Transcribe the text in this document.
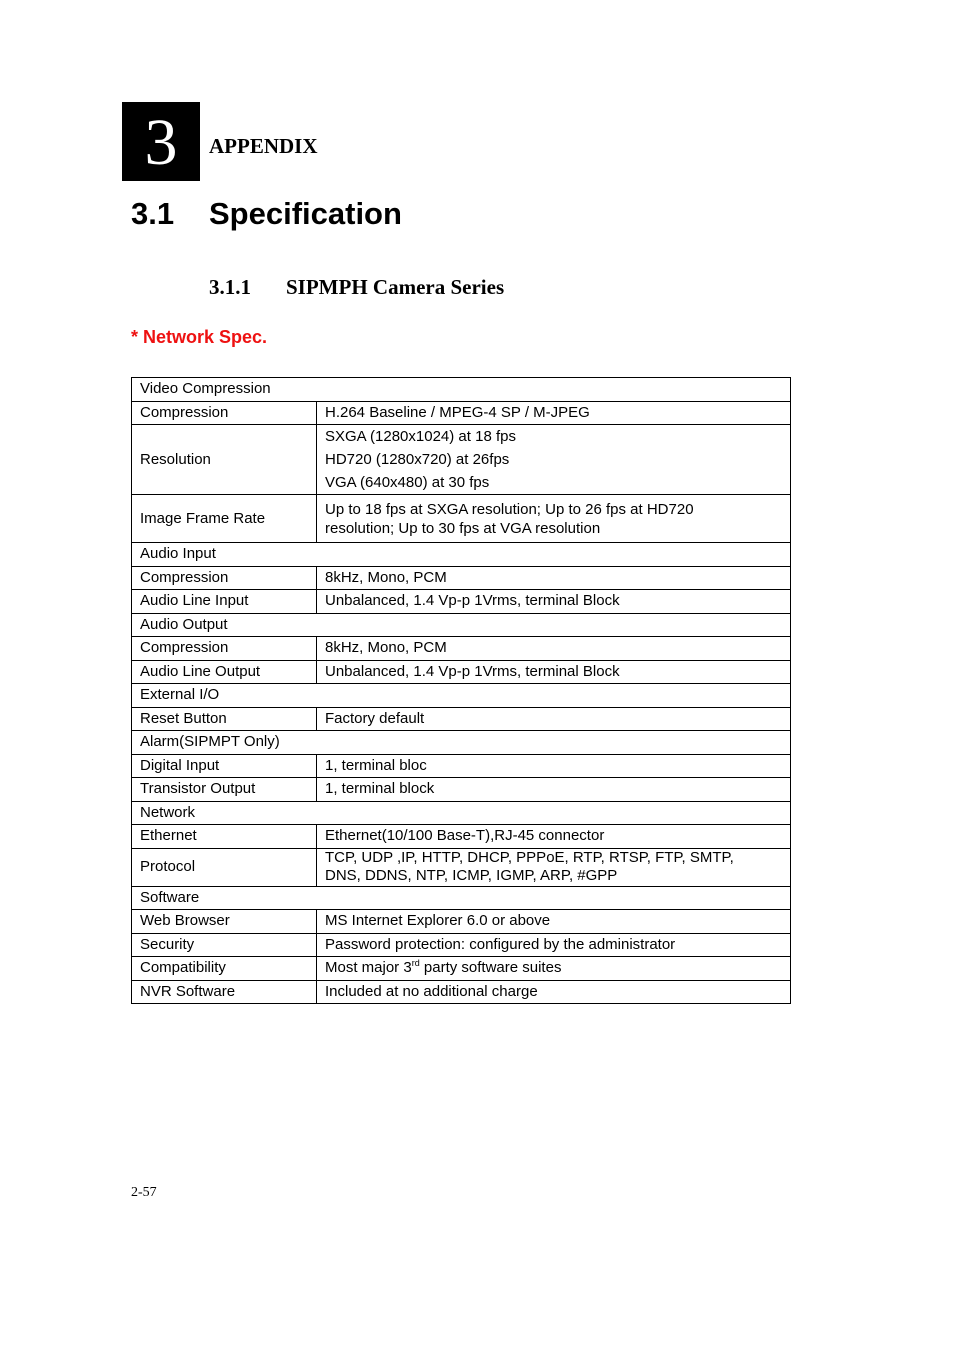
3 APPENDIX
3.1 Specification
3.1.1 SIPMPH Camera Series
* Network Spec.
Video Compression	
Compression	H.264 Baseline / MPEG-4 SP / M-JPEG
Resolution	SXGA (1280x1024) at 18 fps
HD720 (1280x720) at 26fps
VGA (640x480) at 30 fps

Image Frame Rate	Up to 18 fps at SXGA resolution; Up to 26 fps at HD720
resolution; Up to 30 fps at VGA resolution

Audio Input	
Compression	8kHz, Mono, PCM
Audio Line Input	Unbalanced, 1.4 Vp-p 1Vrms, terminal Block
Audio Output	
Compression	8kHz, Mono, PCM
Audio Line Output	Unbalanced, 1.4 Vp-p 1Vrms, terminal Block
External I/O	
Reset Button	Factory default
Alarm(SIPMPT Only)	
Digital Input	1, terminal bloc
Transistor Output	1, terminal block
Network	
Ethernet	Ethernet(10/100 Base-T),RJ-45 connector
Protocol	TCP, UDP ,IP, HTTP, DHCP, PPPoE, RTP, RTSP, FTP, SMTP,
DNS, DDNS, NTP, ICMP, IGMP, ARP, #GPP

Software	
Web Browser	MS Internet Explorer 6.0 or above
Security	Password protection: configured by the administrator
Compatibility	Most major 3rd party software suites
NVR Software	Included at no additional charge
2-57
